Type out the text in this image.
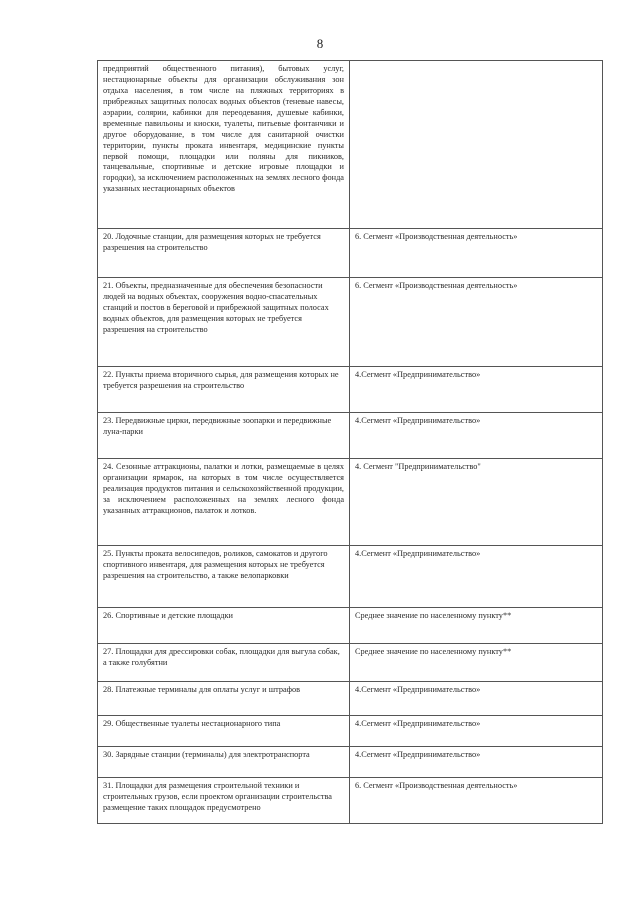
8
предприятий общественного питания), бытовых услуг, нестационарные объекты для организации обслуживания зон отдыха населения, в том числе на пляжных территориях в прибрежных защитных полосах водных объектов (теневые навесы, аэрарии, солярии, кабинки для переодевания, душевые кабинки, временные павильоны и киоски, туалеты, питьевые фонтанчики и другое оборудование, в том числе для санитарной очистки территории, пункты проката инвентаря, медицинские пункты первой помощи, площадки или поляны для пикников, танцевальные, спортивные и детские игровые площадки и городки), за исключением расположенных на землях лесного фонда указанных нестационарных объектов	
20. Лодочные станции, для размещения которых не требуется разрешения на строительство	6. Сегмент «Производственная деятельность»
21. Объекты, предназначенные для обеспечения безопасности людей на водных объектах, сооружения водно-спасательных станций и постов в береговой и прибрежной защитных полосах водных объектов, для размещения которых не требуется разрешения на строительство	6. Сегмент «Производственная деятельность»
22. Пункты приема вторичного сырья, для размещения которых не требуется разрешения на строительство	4.Сегмент «Предпринимательство»
23. Передвижные цирки, передвижные зоопарки и передвижные луна-парки	4.Сегмент «Предпринимательство»
24. Сезонные аттракционы, палатки и лотки, размещаемые в целях организации ярмарок, на которых в том числе осуществляется реализация продуктов питания и сельскохозяйственной продукции, за исключением расположенных на землях лесного фонда указанных аттракционов, палаток и лотков.	4. Сегмент "Предпринимательство"
25. Пункты проката велосипедов, роликов, самокатов и другого спортивного инвентаря, для размещения которых не требуется разрешения на строительство, а также велопарковки	4.Сегмент «Предпринимательство»
26. Спортивные и детские площадки	Среднее значение по населенному пункту**
27. Площадки для дрессировки собак, площадки для выгула собак, а также голубятни	Среднее значение по населенному пункту**
28. Платежные терминалы для оплаты услуг и штрафов	4.Сегмент «Предпринимательство»
29. Общественные туалеты нестационарного типа	4.Сегмент «Предпринимательство»
30. Зарядные станции (терминалы) для электротранспорта	4.Сегмент «Предпринимательство»
31. Площадки для размещения строительной техники и строительных грузов, если проектом организации строительства размещение таких площадок предусмотрено	6. Сегмент «Производственная деятельность»
